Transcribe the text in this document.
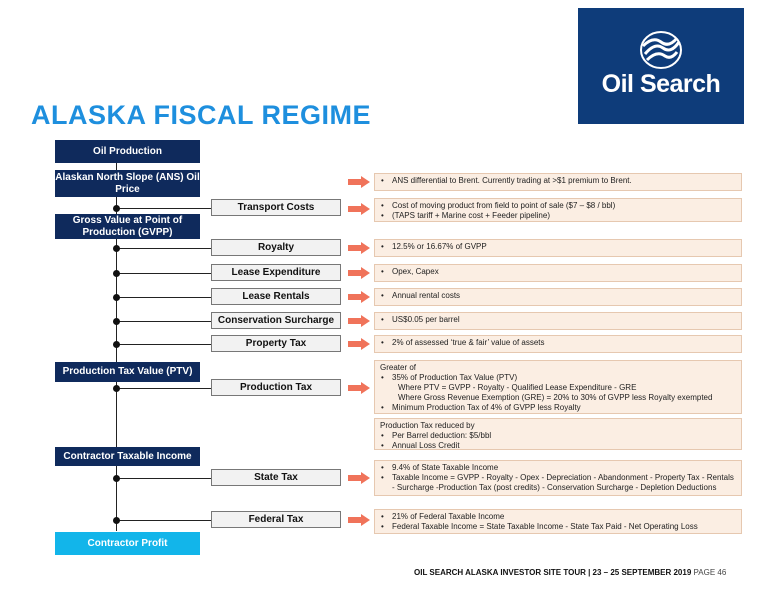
Oil Search
ALASKA FISCAL REGIME
Oil Production
Alaskan North Slope (ANS) Oil Price
Gross Value at Point of Production (GVPP)
Production Tax Value (PTV)
Contractor Taxable Income
Contractor Profit
Transport Costs
Royalty
Lease Expenditure
Lease Rentals
Conservation Surcharge
Property Tax
Production Tax
State Tax
Federal Tax
• ANS differential to Brent. Currently trading at >$1 premium to Brent.
• Cost of moving product from field to point of sale ($7 – $8 / bbl)
• (TAPS tariff + Marine cost + Feeder pipeline)
• 12.5% or 16.67% of GVPP
• Opex, Capex
• Annual rental costs
• US$0.05 per barrel
• 2% of assessed ‘true & fair’ value of assets
Greater of
• 35% of Production Tax Value (PTV)
Where PTV = GVPP - Royalty - Qualified Lease Expenditure - GRE
Where Gross Revenue Exemption (GRE) = 20% to 30% of GVPP less Royalty exempted
• Minimum Production Tax of 4% of GVPP less Royalty
Production Tax reduced by
• Per Barrel deduction: $5/bbl
• Annual Loss Credit
• 9.4% of State Taxable Income
• Taxable Income = GVPP - Royalty - Opex - Depreciation - Abandonment - Property Tax - Rentals - Surcharge -Production Tax (post credits) - Conservation Surcharge - Depletion Deductions
• 21% of Federal Taxable Income
• Federal Taxable Income = State Taxable Income - State Tax Paid - Net Operating Loss
OIL SEARCH ALASKA INVESTOR SITE TOUR | 23 – 25 SEPTEMBER 2019 PAGE 46
